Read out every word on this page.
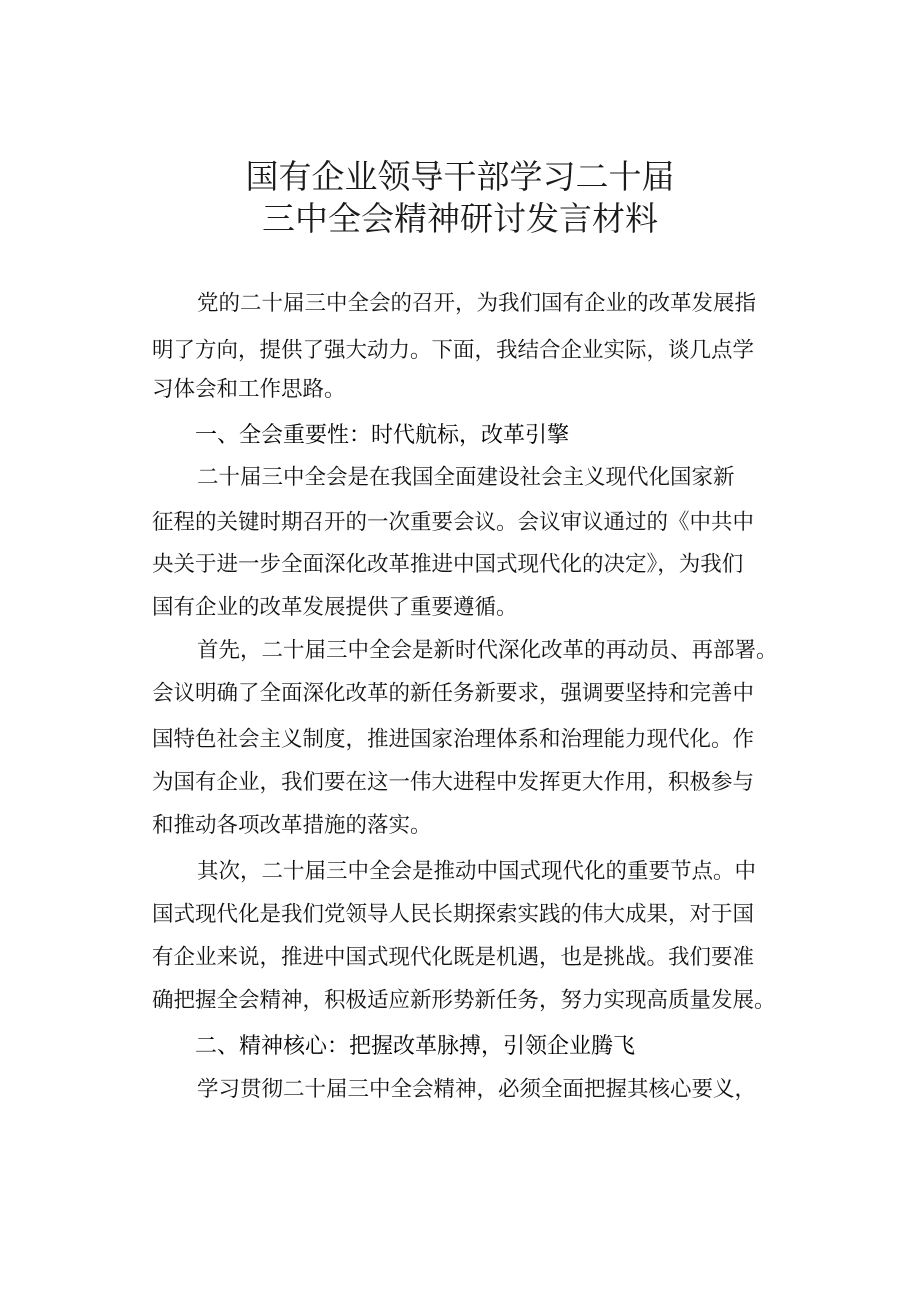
国有企业领导干部学习二十届
三中全会精神研讨发言材料
党的二十届三中全会的召开，为我们国有企业的改革发展指
明了方向，提供了强大动力。下面，我结合企业实际，谈几点学
习体会和工作思路。
一、全会重要性：时代航标，改革引擎
二十届三中全会是在我国全面建设社会主义现代化国家新
征程的关键时期召开的一次重要会议。会议审议通过的《中共中
央关于进一步全面深化改革推进中国式现代化的决定》，为我们
国有企业的改革发展提供了重要遵循。
首先，二十届三中全会是新时代深化改革的再动员、再部署。
会议明确了全面深化改革的新任务新要求，强调要坚持和完善中
国特色社会主义制度，推进国家治理体系和治理能力现代化。作
为国有企业，我们要在这一伟大进程中发挥更大作用，积极参与
和推动各项改革措施的落实。
其次，二十届三中全会是推动中国式现代化的重要节点。中
国式现代化是我们党领导人民长期探索实践的伟大成果，对于国
有企业来说，推进中国式现代化既是机遇，也是挑战。我们要准
确把握全会精神，积极适应新形势新任务，努力实现高质量发展。
二、精神核心：把握改革脉搏，引领企业腾飞
学习贯彻二十届三中全会精神，必须全面把握其核心要义，
